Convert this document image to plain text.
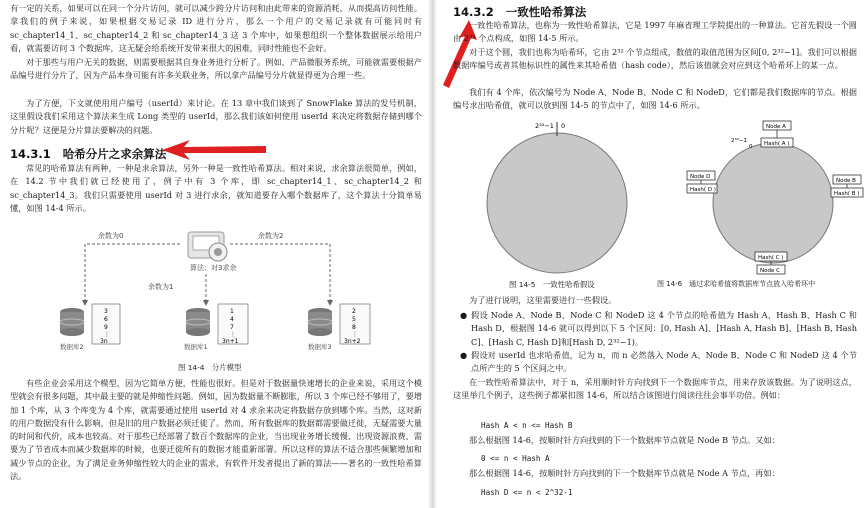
有一定的关系，如果可以在同一个分片访问，就可以减少跨分片访问和由此带来的资源消耗，从而提高访问性能。拿我们的例子来说，如果根据交易记录 ID 进行分片，那么一个用户的交易记录就有可能同时有 sc_chapter14_1、sc_chapter14_2 和 sc_chapter14_3 这 3 个库中，如果想组织一个整体数据展示给用户看，就需要访问 3 个数据库，这无疑会给系统开发带来很大的困难，同时性能也不会好。

对于那些与用户无关的数据，则需要根据其自身业务进行分析了。例如，产品微服务系统，可能就需要根据产品编号进行分片了，因为产品本身可能有许多关联业务，所以拿产品编号分片就显得更为合理一些。

为了方便，下文就使用用户编号（userId）来讨论。在 13 章中我们谈到了 SnowFlake 算法的发号机制，这里假设我们采用这个算法来生成 Long 类型的 userId，那么我们该如何使用 userId 来决定将数据存储到哪个分片呢？这便是分片算法要解决的问题。

14.3.1 哈希分片之求余算法

常见的哈希算法有两种，一种是求余算法，另外一种是一致性哈希算法。相对来说，求余算法很简单，例如，在 14.2 节中我们就已经使用了，例子中有 3 个库，即 sc_chapter14_1、sc_chapter14_2 和 sc_chapter14_3。我们只需要使用 userId 对 3 进行求余，就知道要存入哪个数据库了，这个算法十分简单易懂，如图 14-4 所示。

算法：对3求余
余数为0	余数为2
余数为1
数据库2
3
6
9
⋮
3n
数据库1
1
4
7
⋮
3n+1
数据库3
2
5
8
⋮
3n+2
图 14-4　分片模型

有些企业会采用这个模型，因为它简单方便，性能也很好。但是对于数据量快速增长的企业来说，采用这个模型就会有很多问题，其中最主要的就是伸缩性问题。例如，因为数据量不断膨胀，所以 3 个库已经不够用了，要增加 1 个库，从 3 个库变为 4 个库，就需要通过使用 userId 对 4 求余来决定将数据存放到哪个库。当然，这对新的用户数据没有什么影响，但是旧的用户数据必须迁徙了。然而，所有数据库的数据都需要做迁徙，无疑需要大量的时间和代价，成本也较高。对于那些已经部署了数百个数据库的企业，当出现业务增长缓慢、出现资源浪费、需要为了节省成本而减少数据库的时候，也要迁徙所有的数据才能重新部署。所以这样的算法不适合那些频繁增加和减少节点的企业，为了满足业务伸缩性较大的企业的需求，有软件开发者提出了新的算法——著名的一致性哈希算法。

14.3.2 一致性哈希算法

一致性哈希算法，也称为一致性哈希算法，它是 1997 年麻省理工学院提出的一种算法。它首先假设一个圆由 2³² 个点构成，如图 14-5 所示。

对于这个圆，我们也称为哈希环，它由 2³² 个节点组成，数值的取值范围为区间[0, 2³²−1]。我们可以根据数据库编号或者其他标识性的属性来其哈希值（hash code），然后该值就会对应到这个哈希环上的某一点。

我们有 4 个库，依次编号为 Node A、Node B、Node C 和 NodeD，它们都是我们数据库的节点。根据编号求出哈希值，就可以放到图 14-5 的节点中了，如图 14-6 所示。

2³²−1 0
图 14-5　一致性哈希假设
Node A
Hash( A )
2³²−1
0
Node D
Hash( D )
Node B
Hash( B )
Hash( C )
Node C
图 14-6　通过求哈希值将数据库节点放入哈希环中

为了进行说明，这里需要进行一些假设。

● 假设 Node A、Node B、Node C 和 NodeD 这 4 个节点的哈希值为 Hash A、Hash B、Hash C 和 Hash D，根据图 14-6 就可以得到以下 5 个区间：[0, Hash A]、[Hash A, Hash B]、[Hash B, Hash C]、[Hash C, Hash D]和[Hash D, 2³²−1)。
● 假设对 userId 也求哈希值，记为 n，而 n 必然落入 Node A、Node B、Node C 和 NodeD 这 4 个节点所产生的 5 个区间之中。

在一致性哈希算法中，对于 n，采用顺时针方向找到下一个数据库节点，用来存放该数据。为了说明这点，这里举几个例子，这些例子都紧扣图 14-6，所以结合该图进行阅读往往会事半功倍。例如：

Hash A < n <= Hash B

那么根据图 14-6，按顺时针方向找到的下一个数据库节点就是 Node B 节点。又如：

0 <= n < Hash A

那么根据图 14-6，按顺时针方向找到的下一个数据库节点就是 Node A 节点，再如：

Hash D <= n < 2^32-1
